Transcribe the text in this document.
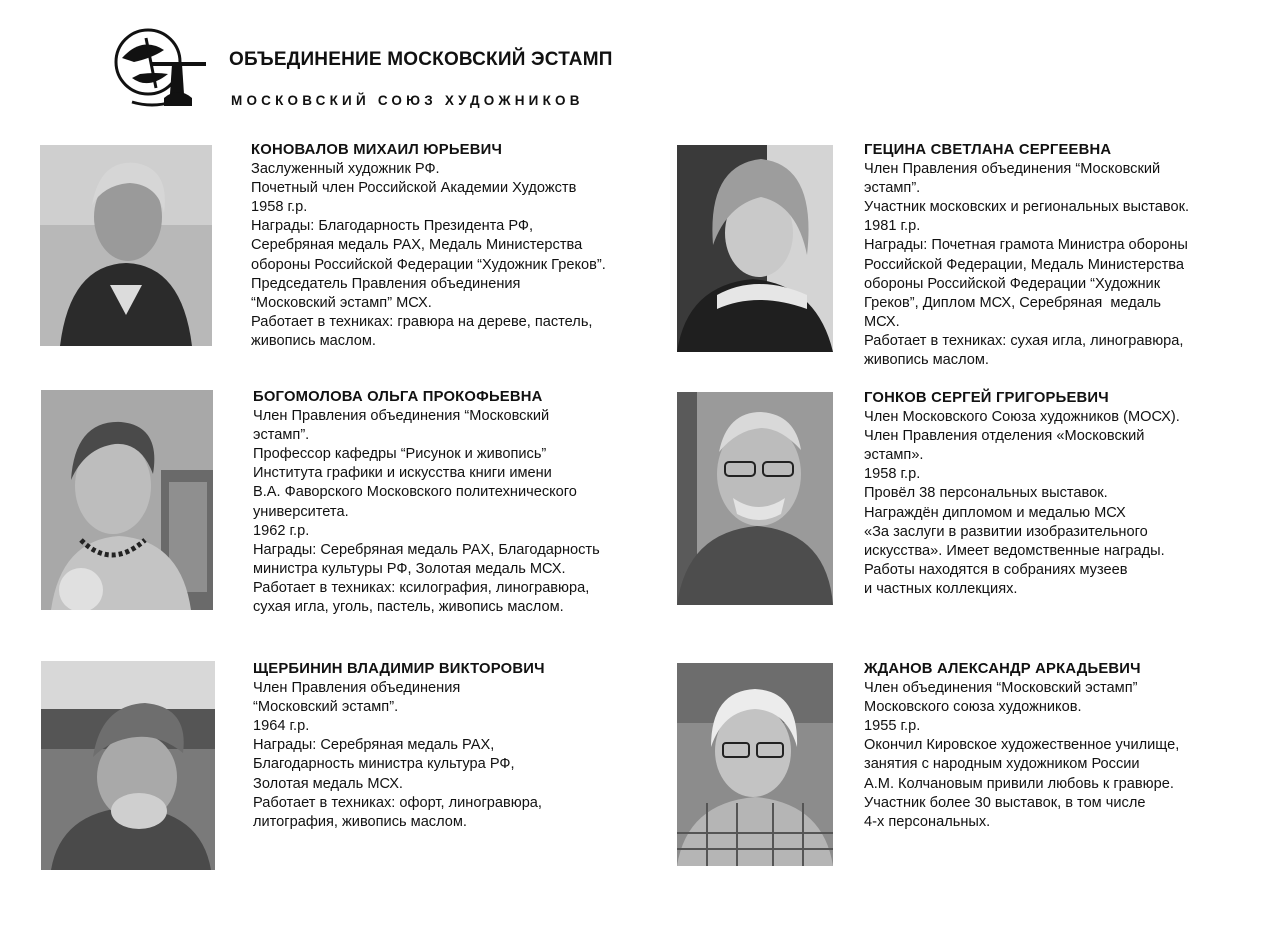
ОБЪЕДИНЕНИЕ МОСКОВСКИЙ ЭСТАМП
МОСКОВСКИЙ СОЮЗ ХУДОЖНИКОВ
КОНОВАЛОВ МИХАИЛ ЮРЬЕВИЧ
Заслуженный художник РФ.
Почетный член Российской Академии Художств
1958 г.р.
Награды: Благодарность Президента РФ,
Серебряная медаль РАХ, Медаль Министерства
обороны Российской Федерации “Художник Греков”.
Председатель Правления объединения
“Московский эстамп” МСХ.
Работает в техниках: гравюра на дереве, пастель,
живопись маслом.
БОГОМОЛОВА ОЛЬГА ПРОКОФЬЕВНА
Член Правления объединения “Московский
эстамп”.
Профессор кафедры “Рисунок и живопись”
Института графики и искусства книги имени
В.А. Фаворского Московского политехнического
университета.
1962 г.р.
Награды: Серебряная медаль РАХ, Благодарность
министра культуры РФ, Золотая медаль МСХ.
Работает в техниках: ксилография, линогравюра,
сухая игла, уголь, пастель, живопись маслом.
ЩЕРБИНИН ВЛАДИМИР ВИКТОРОВИЧ
Член Правления объединения
“Московский эстамп”.
1964 г.р.
Награды: Серебряная медаль РАХ,
Благодарность министра культура РФ,
Золотая медаль МСХ.
Работает в техниках: офорт, линогравюра,
литография, живопись маслом.
ГЕЦИНА СВЕТЛАНА СЕРГЕЕВНА
Член Правления объединения “Московский
эстамп”.
Участник московских и региональных выставок.
1981 г.р.
Награды: Почетная грамота Министра обороны
Российской Федерации, Медаль Министерства
обороны Российской Федерации “Художник
Греков”, Диплом МСХ, Серебряная  медаль
МСХ.
Работает в техниках: сухая игла, линогравюра,
живопись маслом.
ГОНКОВ СЕРГЕЙ ГРИГОРЬЕВИЧ
Член Московского Союза художников (МОСХ).
Член Правления отделения «Московский
эстамп».
1958 г.р.
Провёл 38 персональных выставок.
Награждён дипломом и медалью МСХ
«За заслуги в развитии изобразительного
искусства». Имеет ведомственные награды.
Работы находятся в собраниях музеев
и частных коллекциях.
ЖДАНОВ АЛЕКСАНДР АРКАДЬЕВИЧ
Член объединения “Московский эстамп”
Московского союза художников.
1955 г.р.
Окончил Кировское художественное училище,
занятия с народным художником России
А.М. Колчановым привили любовь к гравюре.
Участник более 30 выставок, в том числе
4-х персональных.
